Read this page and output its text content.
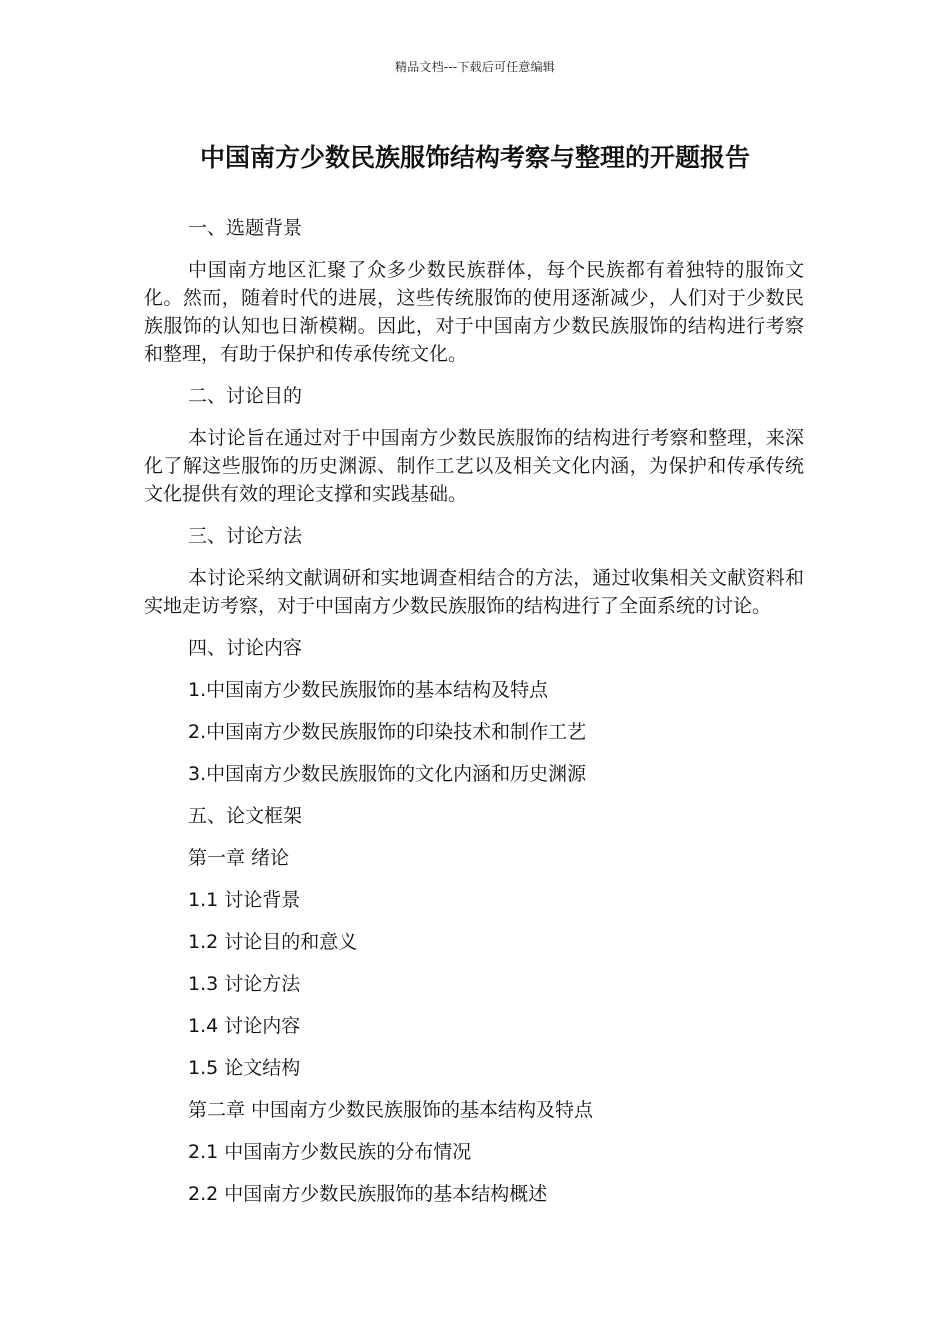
精品文档---下载后可任意编辑
中国南方少数民族服饰结构考察与整理的开题报告

一、选题背景

中国南方地区汇聚了众多少数民族群体，每个民族都有着独特的服饰文化。然而，随着时代的进展，这些传统服饰的使用逐渐减少，人们对于少数民族服饰的认知也日渐模糊。因此，对于中国南方少数民族服饰的结构进行考察和整理，有助于保护和传承传统文化。

二、讨论目的

本讨论旨在通过对于中国南方少数民族服饰的结构进行考察和整理，来深化了解这些服饰的历史渊源、制作工艺以及相关文化内涵，为保护和传承传统文化提供有效的理论支撑和实践基础。

三、讨论方法

本讨论采纳文献调研和实地调查相结合的方法，通过收集相关文献资料和实地走访考察，对于中国南方少数民族服饰的结构进行了全面系统的讨论。

四、讨论内容

1.中国南方少数民族服饰的基本结构及特点

2.中国南方少数民族服饰的印染技术和制作工艺

3.中国南方少数民族服饰的文化内涵和历史渊源

五、论文框架

第一章 绪论

1.1 讨论背景

1.2 讨论目的和意义

1.3 讨论方法

1.4 讨论内容

1.5 论文结构

第二章 中国南方少数民族服饰的基本结构及特点

2.1 中国南方少数民族的分布情况

2.2 中国南方少数民族服饰的基本结构概述
